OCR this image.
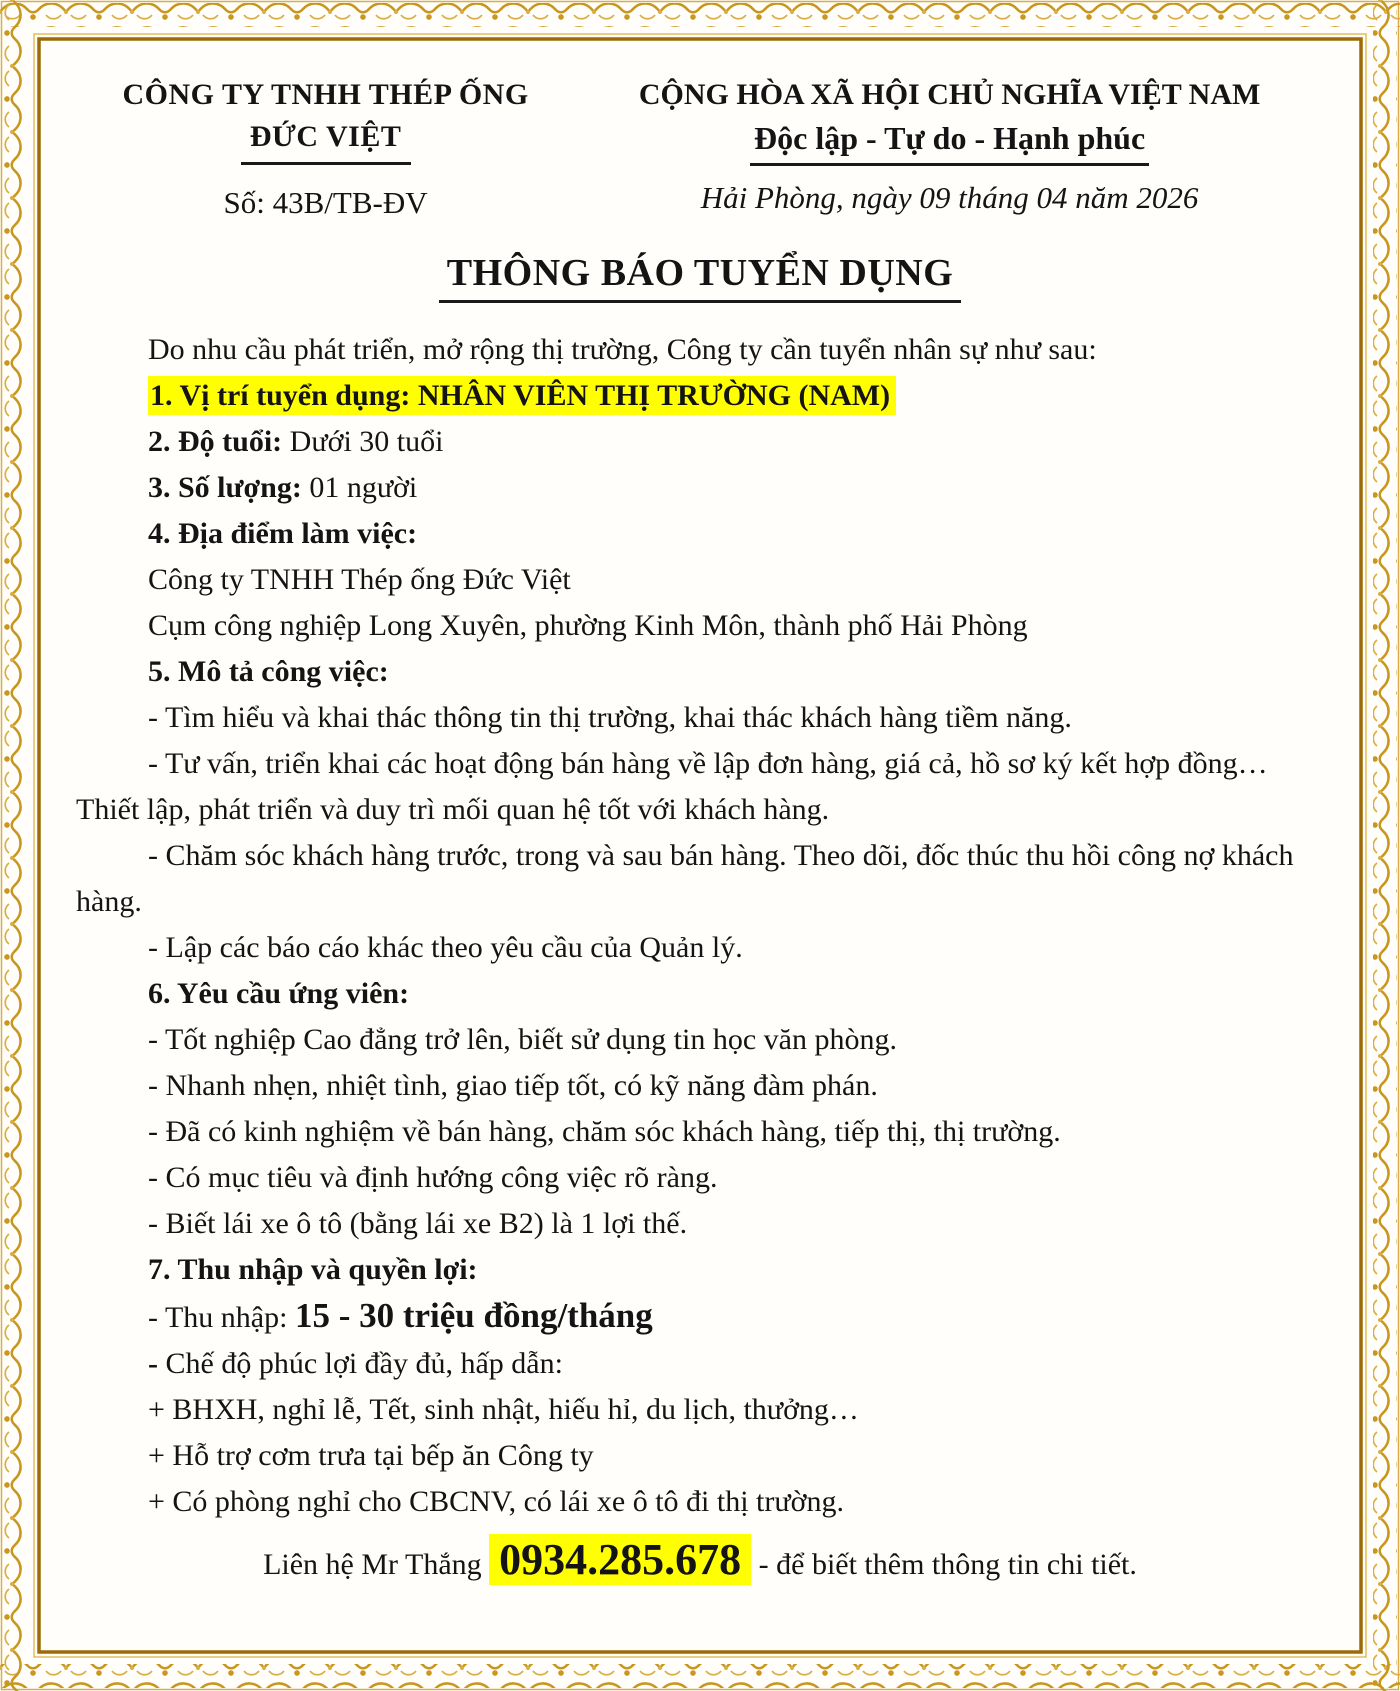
CÔNG TY TNHH THÉP ỐNG
ĐỨC VIỆT
Số: 43B/TB-ĐV
CỘNG HÒA XÃ HỘI CHỦ NGHĨA VIỆT NAM
Độc lập - Tự do - Hạnh phúc
Hải Phòng, ngày 09 tháng 04 năm 2026
THÔNG BÁO TUYỂN DỤNG

Do nhu cầu phát triển, mở rộng thị trường, Công ty cần tuyển nhân sự như sau:

1. Vị trí tuyển dụng: NHÂN VIÊN THỊ TRƯỜNG (NAM)

2. Độ tuổi: Dưới 30 tuổi

3. Số lượng: 01 người

4. Địa điểm làm việc:

Công ty TNHH Thép ống Đức Việt

Cụm công nghiệp Long Xuyên, phường Kinh Môn, thành phố Hải Phòng

5. Mô tả công việc:

- Tìm hiểu và khai thác thông tin thị trường, khai thác khách hàng tiềm năng.

- Tư vấn, triển khai các hoạt động bán hàng về lập đơn hàng, giá cả, hồ sơ ký kết hợp đồng… Thiết lập, phát triển và duy trì mối quan hệ tốt với khách hàng.

- Chăm sóc khách hàng trước, trong và sau bán hàng. Theo dõi, đốc thúc thu hồi công nợ khách hàng.

- Lập các báo cáo khác theo yêu cầu của Quản lý.

6. Yêu cầu ứng viên:

- Tốt nghiệp Cao đẳng trở lên, biết sử dụng tin học văn phòng.

- Nhanh nhẹn, nhiệt tình, giao tiếp tốt, có kỹ năng đàm phán.

- Đã có kinh nghiệm về bán hàng, chăm sóc khách hàng, tiếp thị, thị trường.

- Có mục tiêu và định hướng công việc rõ ràng.

- Biết lái xe ô tô (bằng lái xe B2) là 1 lợi thế.

7. Thu nhập và quyền lợi:

- Thu nhập: 15 - 30 triệu đồng/tháng

- Chế độ phúc lợi đầy đủ, hấp dẫn:

+ BHXH, nghỉ lễ, Tết, sinh nhật, hiếu hỉ, du lịch, thưởng…

+ Hỗ trợ cơm trưa tại bếp ăn Công ty

+ Có phòng nghỉ cho CBCNV, có lái xe ô tô đi thị trường.

Liên hệ Mr Thắng 0934.285.678 - để biết thêm thông tin chi tiết.
